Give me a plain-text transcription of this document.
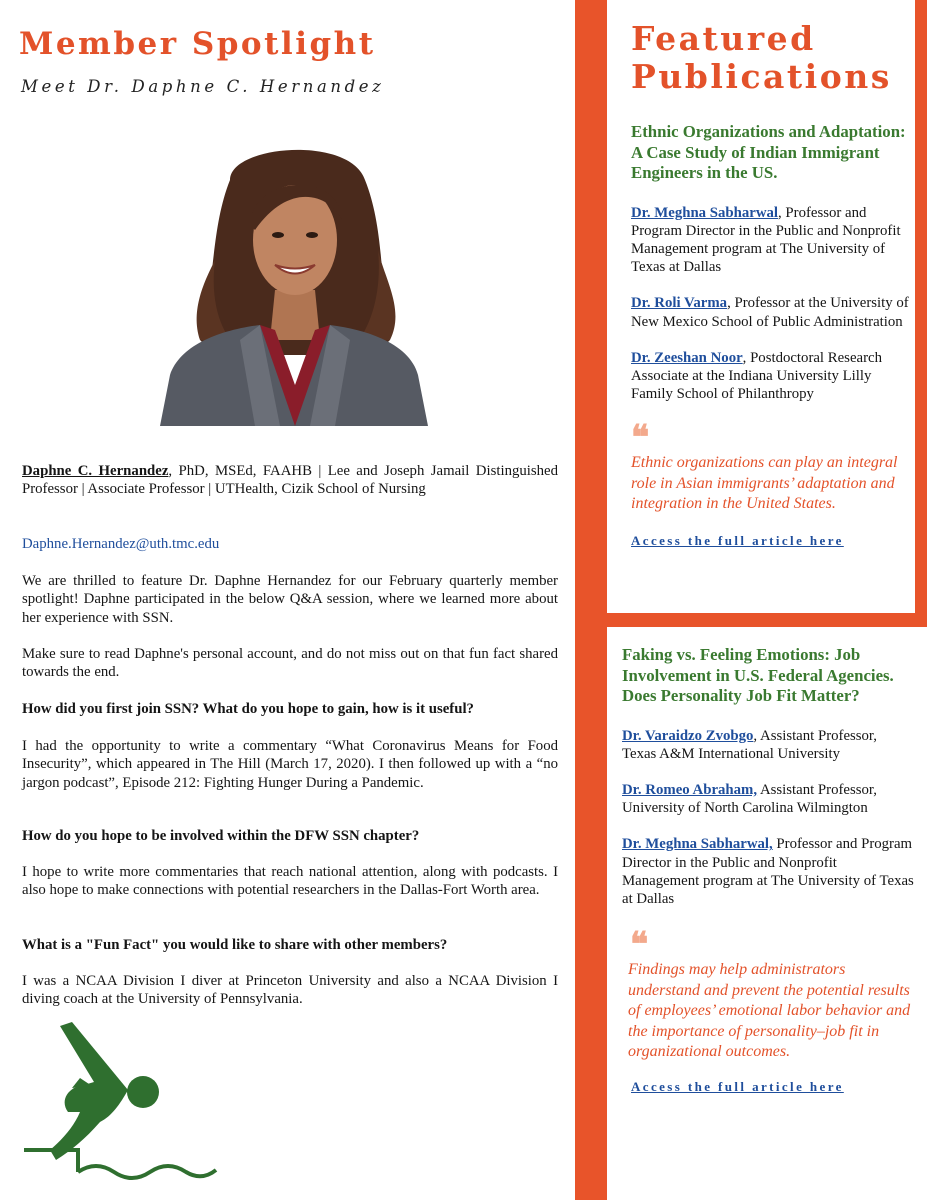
Member Spotlight

Meet Dr. Daphne C. Hernandez

Daphne C. Hernandez, PhD, MSEd, FAAHB | Lee and Joseph Jamail Distinguished Professor | Associate Professor | UTHealth, Cizik School of Nursing

Daphne.Hernandez@uth.tmc.edu

We are thrilled to feature Dr. Daphne Hernandez for our February quarterly member spotlight! Daphne participated in the below Q&A session, where we learned more about her experience with SSN.

Make sure to read Daphne's personal account, and do not miss out on that fun fact shared towards the end.

How did you first join SSN? What do you hope to gain, how is it useful?

I had the opportunity to write a commentary “What Coronavirus Means for Food Insecurity”, which appeared in The Hill (March 17, 2020). I then followed up with a “no jargon podcast”, Episode 212: Fighting Hunger During a Pandemic.

How do you hope to be involved within the DFW SSN chapter?

I hope to write more commentaries that reach national attention, along with podcasts. I also hope to make connections with potential researchers in the Dallas-Fort Worth area.

What is a "Fun Fact" you would like to share with other members?

I was a NCAA Division I diver at Princeton University and also a NCAA Division I diving coach at the University of Pennsylvania.

Featured
Publications

Ethnic Organizations and Adaptation: A Case Study of Indian Immigrant Engineers in the US.

Dr. Meghna Sabharwal, Professor and Program Director in the Public and Nonprofit Management program at The University of Texas at Dallas

Dr. Roli Varma, Professor at the University of New Mexico School of Public Administration

Dr. Zeeshan Noor, Postdoctoral Research Associate at the Indiana University Lilly Family School of Philanthropy

❝

Ethnic organizations can play an integral role in Asian immigrants’ adaptation and integration in the United States.

Access the full article here

Faking vs. Feeling Emotions: Job Involvement in U.S. Federal Agencies. Does Personality Job Fit Matter?

Dr. Varaidzo Zvobgo, Assistant Professor, Texas A&M International University

Dr. Romeo Abraham, Assistant Professor, University of North Carolina Wilmington

Dr. Meghna Sabharwal, Professor and Program Director in the Public and Nonprofit Management program at The University of Texas at Dallas

❝

Findings may help administrators understand and prevent the potential results of employees’ emotional labor behavior and the importance of personality–job fit in organizational outcomes.

Access the full article here
